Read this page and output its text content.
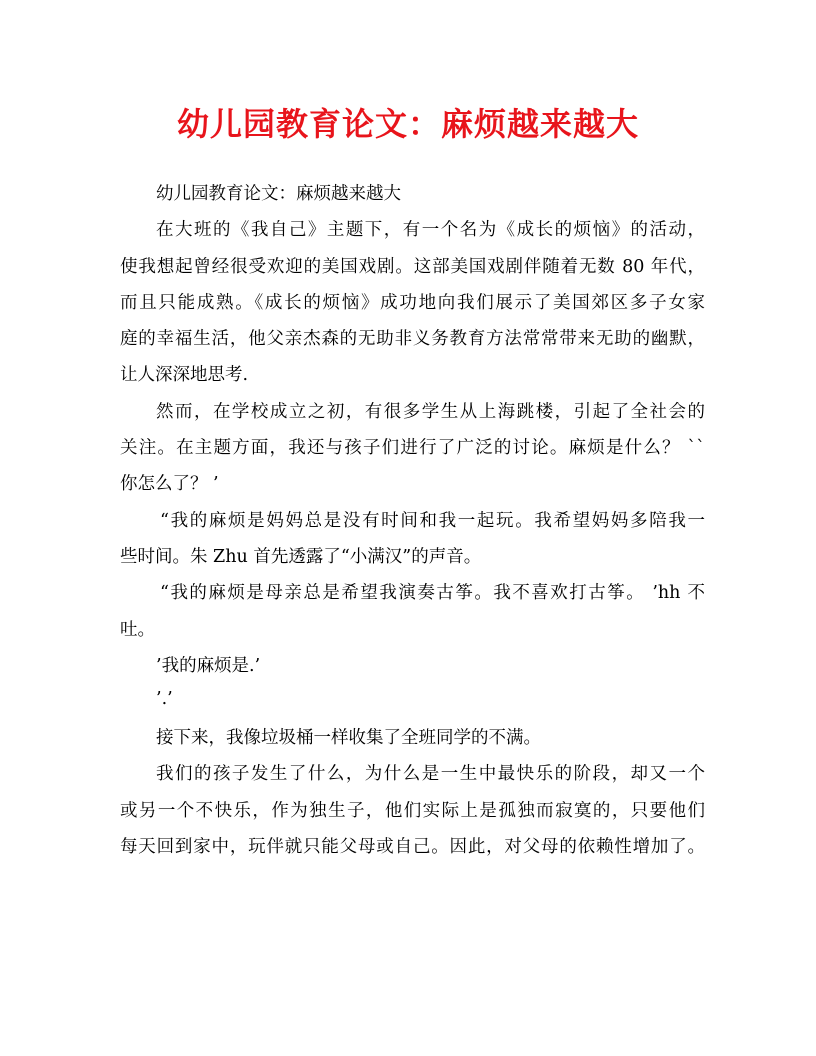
幼儿园教育论文：麻烦越来越大
幼儿园教育论文：麻烦越来越大
在大班的《我自己》主题下，有一个名为《成长的烦恼》的活动，
使我想起曾经很受欢迎的美国戏剧。这部美国戏剧伴随着无数 80 年代，
而且只能成熟。《成长的烦恼》成功地向我们展示了美国郊区多子女家
庭的幸福生活，他父亲杰森的无助非义务教育方法常常带来无助的幽默，
让人深深地思考.
然而，在学校成立之初，有很多学生从上海跳楼，引起了全社会的
关注。在主题方面，我还与孩子们进行了广泛的讨论。麻烦是什么？ ``
你怎么了？ ’
“我的麻烦是妈妈总是没有时间和我一起玩。我希望妈妈多陪我一
些时间。朱 Zhu 首先透露了“小满汉”的声音。
“我的麻烦是母亲总是希望我演奏古筝。我不喜欢打古筝。 ’hh 不
吐。
’我的麻烦是.’
’.’
接下来，我像垃圾桶一样收集了全班同学的不满。
我们的孩子发生了什么，为什么是一生中最快乐的阶段，却又一个
或另一个不快乐，作为独生子，他们实际上是孤独而寂寞的，只要他们
每天回到家中，玩伴就只能父母或自己。因此，对父母的依赖性增加了。
